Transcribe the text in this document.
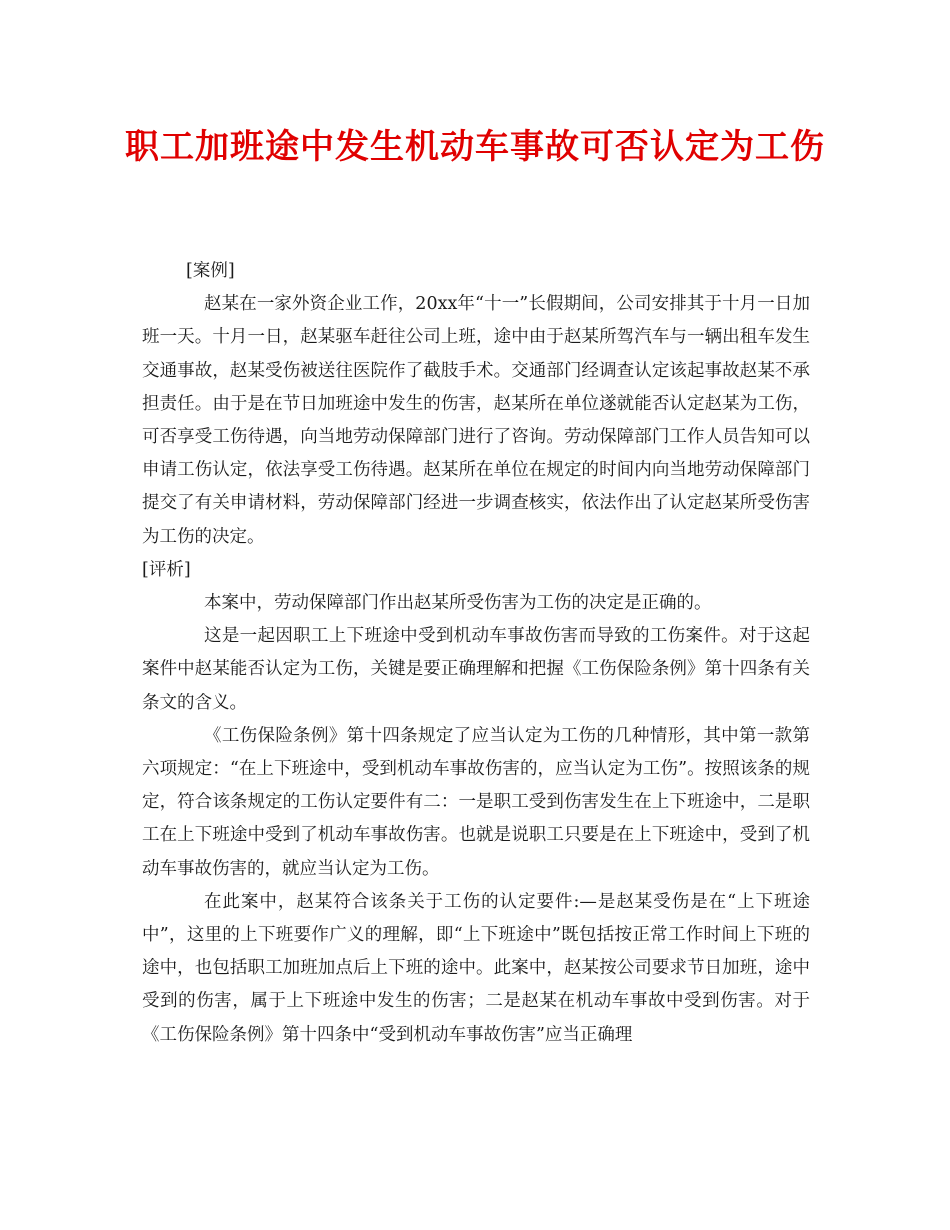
职工加班途中发生机动车事故可否认定为工伤

[案例]

赵某在一家外资企业工作，20xx年“十一”长假期间，公司安排其于十月一日加班一天。十月一日，赵某驱车赶往公司上班，途中由于赵某所驾汽车与一辆出租车发生交通事故，赵某受伤被送往医院作了截肢手术。交通部门经调查认定该起事故赵某不承担责任。由于是在节日加班途中发生的伤害，赵某所在单位遂就能否认定赵某为工伤，可否享受工伤待遇，向当地劳动保障部门进行了咨询。劳动保障部门工作人员告知可以申请工伤认定，依法享受工伤待遇。赵某所在单位在规定的时间内向当地劳动保障部门提交了有关申请材料，劳动保障部门经进一步调查核实，依法作出了认定赵某所受伤害为工伤的决定。

[评析]

本案中，劳动保障部门作出赵某所受伤害为工伤的决定是正确的。

这是一起因职工上下班途中受到机动车事故伤害而导致的工伤案件。对于这起案件中赵某能否认定为工伤，关键是要正确理解和把握《工伤保险条例》第十四条有关条文的含义。

《工伤保险条例》第十四条规定了应当认定为工伤的几种情形，其中第一款第六项规定：“在上下班途中，受到机动车事故伤害的，应当认定为工伤”。按照该条的规定，符合该条规定的工伤认定要件有二：一是职工受到伤害发生在上下班途中，二是职工在上下班途中受到了机动车事故伤害。也就是说职工只要是在上下班途中，受到了机动车事故伤害的，就应当认定为工伤。

在此案中，赵某符合该条关于工伤的认定要件:—是赵某受伤是在“上下班途中”，这里的上下班要作广义的理解，即“上下班途中”既包括按正常工作时间上下班的途中，也包括职工加班加点后上下班的途中。此案中，赵某按公司要求节日加班，途中受到的伤害，属于上下班途中发生的伤害；二是赵某在机动车事故中受到伤害。对于《工伤保险条例》第十四条中“受到机动车事故伤害”应当正确理
